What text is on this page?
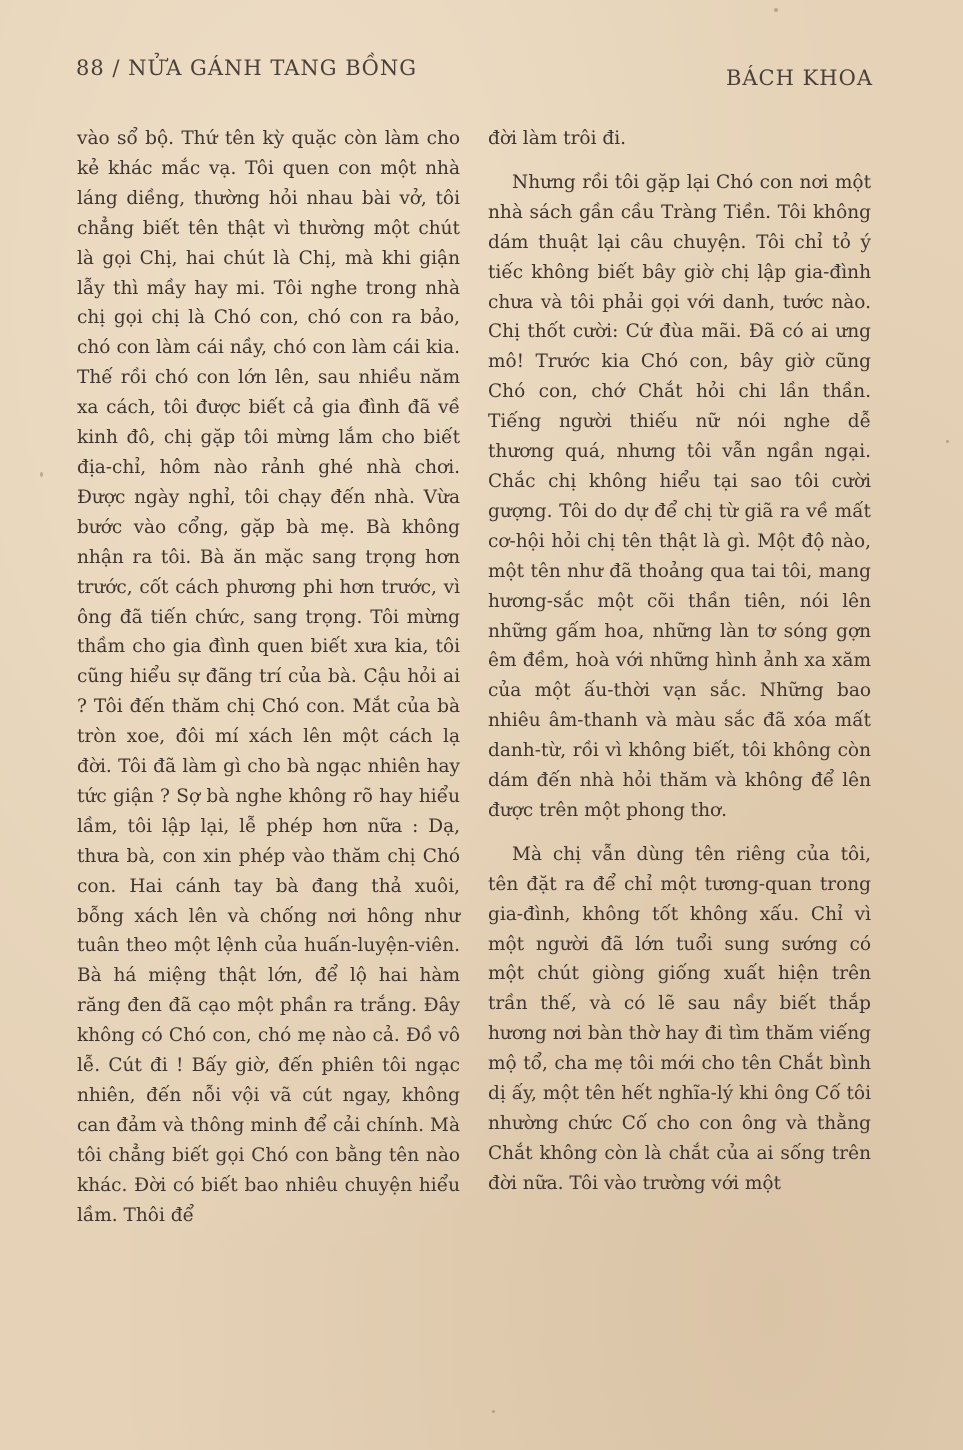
88 / NỬA GÁNH TANG BỒNG	BÁCH KHOA

vào sổ bộ. Thứ tên kỳ quặc còn làm cho kẻ khác mắc vạ. Tôi quen con một nhà láng diềng, thường hỏi nhau bài vở, tôi chẳng biết tên thật vì thường một chút là gọi Chị, hai chút là Chị, mà khi giận lẫy thì mầy hay mi. Tôi nghe trong nhà chị gọi chị là Chó con, chó con ra bảo, chó con làm cái nầy, chó con làm cái kia. Thế rồi chó con lớn lên, sau nhiều năm xa cách, tôi được biết cả gia đình đã về kinh đô, chị gặp tôi mừng lắm cho biết địa-chỉ, hôm nào rảnh ghé nhà chơi. Được ngày nghỉ, tôi chạy đến nhà. Vừa bước vào cổng, gặp bà mẹ. Bà không nhận ra tôi. Bà ăn mặc sang trọng hơn trước, cốt cách phương phi hơn trước, vì ông đã tiến chức, sang trọng. Tôi mừng thầm cho gia đình quen biết xưa kia, tôi cũng hiểu sự đãng trí của bà. Cậu hỏi ai ? Tôi đến thăm chị Chó con. Mắt của bà tròn xoe, đôi mí xách lên một cách lạ đời. Tôi đã làm gì cho bà ngạc nhiên hay tức giận ? Sợ bà nghe không rõ hay hiểu lầm, tôi lập lại, lễ phép hơn nữa : Dạ, thưa bà, con xin phép vào thăm chị Chó con. Hai cánh tay bà đang thả xuôi, bỗng xách lên và chống nơi hông như tuân theo một lệnh của huấn-luyện-viên. Bà há miệng thật lớn, để lộ hai hàm răng đen đã cạo một phần ra trắng. Đây không có Chó con, chó mẹ nào cả. Đồ vô lễ. Cút đi ! Bấy giờ, đến phiên tôi ngạc nhiên, đến nỗi vội vã cút ngay, không can đảm và thông minh để cải chính. Mà tôi chẳng biết gọi Chó con bằng tên nào khác. Đời có biết bao nhiêu chuyện hiểu lầm. Thôi để

đời làm trôi đi.

Nhưng rồi tôi gặp lại Chó con nơi một nhà sách gần cầu Tràng Tiền. Tôi không dám thuật lại câu chuyện. Tôi chỉ tỏ ý tiếc không biết bây giờ chị lập gia-đình chưa và tôi phải gọi với danh, tước nào. Chị thốt cười: Cứ đùa mãi. Đã có ai ưng mô! Trước kia Chó con, bây giờ cũng Chó con, chớ Chắt hỏi chi lần thần. Tiếng người thiếu nữ nói nghe dễ thương quá, nhưng tôi vẫn ngần ngại. Chắc chị không hiểu tại sao tôi cười gượng. Tôi do dự để chị từ giã ra về mất cơ-hội hỏi chị tên thật là gì. Một độ nào, một tên như đã thoảng qua tai tôi, mang hương-sắc một cõi thần tiên, nói lên những gấm hoa, những làn tơ sóng gợn êm đềm, hoà với những hình ảnh xa xăm của một ấu-thời vạn sắc. Những bao nhiêu âm-thanh và màu sắc đã xóa mất danh-từ, rồi vì không biết, tôi không còn dám đến nhà hỏi thăm và không để lên được trên một phong thơ.

Mà chị vẫn dùng tên riêng của tôi, tên đặt ra để chỉ một tương-quan trong gia-đình, không tốt không xấu. Chỉ vì một người đã lớn tuổi sung sướng có một chút giòng giống xuất hiện trên trần thế, và có lẽ sau nầy biết thắp hương nơi bàn thờ hay đi tìm thăm viếng mộ tổ, cha mẹ tôi mới cho tên Chắt bình dị ấy, một tên hết nghĩa-lý khi ông Cố tôi nhường chức Cố cho con ông và thằng Chắt không còn là chắt của ai sống trên đời nữa. Tôi vào trường với một
